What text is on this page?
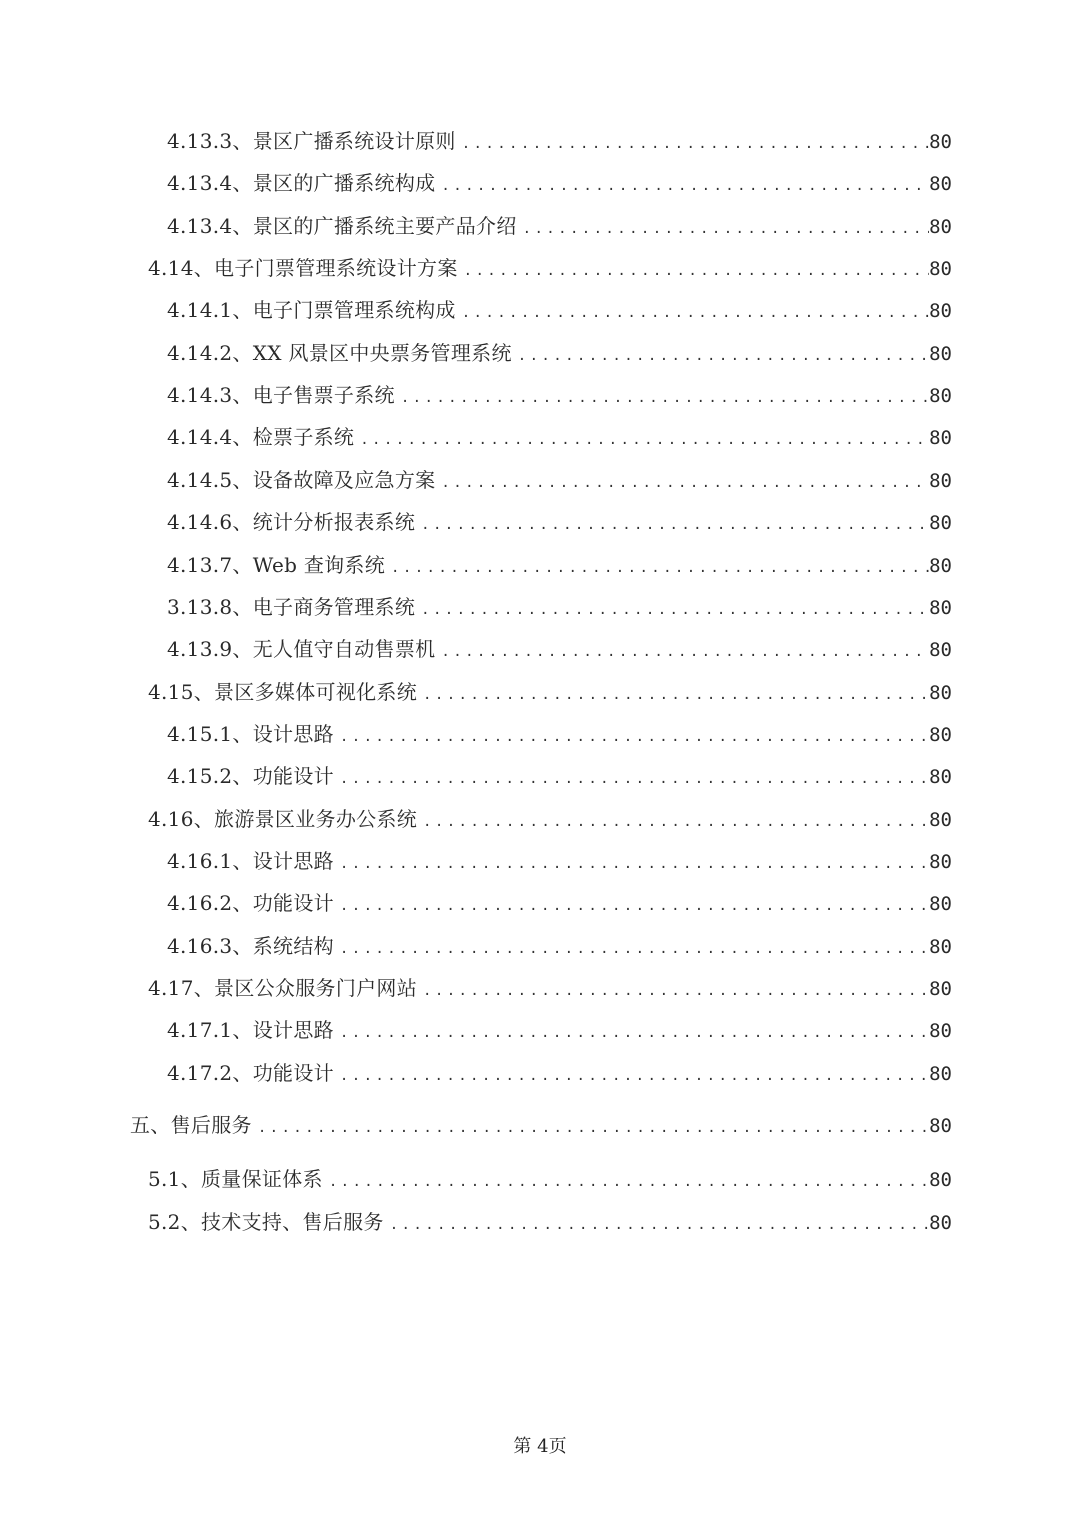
4.13.3、景区广播系统设计原则 .....	80
4.13.4、景区的广播系统构成 .....	80
4.13.4、景区的广播系统主要产品介绍 .....	80
4.14、电子门票管理系统设计方案 .....	80
4.14.1、电子门票管理系统构成 .....	80
4.14.2、XX 风景区中央票务管理系统 .....	80
4.14.3、电子售票子系统 .....	80
4.14.4、检票子系统 .....	80
4.14.5、设备故障及应急方案 .....	80
4.14.6、统计分析报表系统 .....	80
4.13.7、Web 查询系统 .....	80
3.13.8、电子商务管理系统 .....	80
4.13.9、无人值守自动售票机 .....	80
4.15、景区多媒体可视化系统 .....	80
4.15.1、设计思路 .....	80
4.15.2、功能设计 .....	80
4.16、旅游景区业务办公系统 .....	80
4.16.1、设计思路 .....	80
4.16.2、功能设计 .....	80
4.16.3、系统结构 .....	80
4.17、景区公众服务门户网站 .....	80
4.17.1、设计思路 .....	80
4.17.2、功能设计 .....	80
五、售后服务 .....	80
5.1、质量保证体系 .....	80
5.2、技术支持、售后服务 .....	80
第 4页
